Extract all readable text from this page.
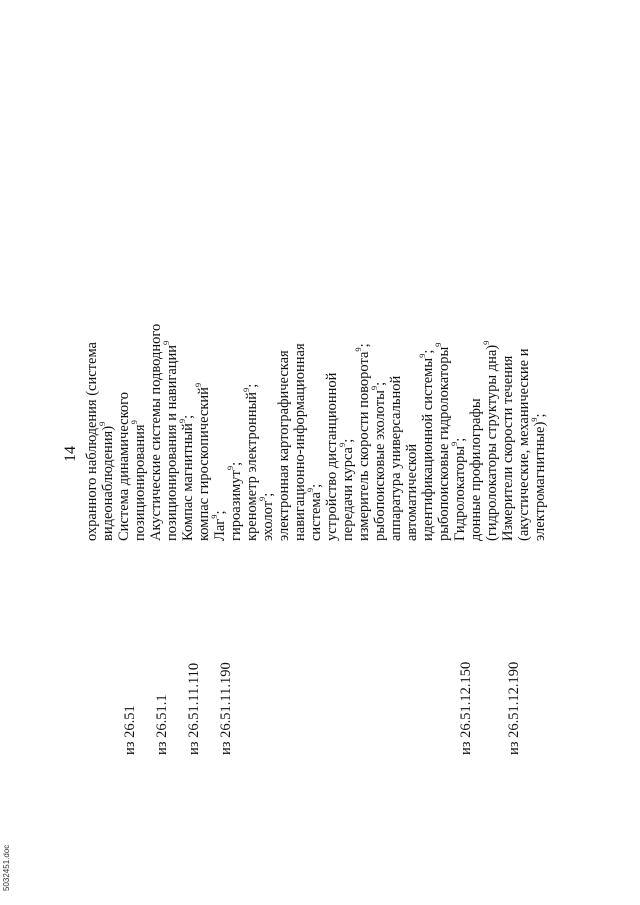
5032451.doc
14 охранного наблюдения (система видеонаблюдения)$^9$
из 26.51
Система динамического позиционирования$^9$
из 26.51.1
Акустические системы подводного позиционирования и навигации$^9$
из 26.51.11.110
Компас магнитный$^9$; компас гироскопический$^9$
из 26.51.11.190
Лаг$^9$; гироазимут$^9$; кренометр электронный$^9$;
эхолот$^9$; электронная картографическая навигационно-информационная система$^9$; устройство дистанционной передачи курса$^9$; измеритель скорости поворота$^9$;
рыбопоисковые эхолоты$^9$; аппаратура универсальной автоматической идентификационной системы$^9$; рыбопоисковые гидролокаторы$^9$
из 26.51.12.150
Гидролокаторы$^9$; донные профилографы (гидролокаторы структуры дна)$^9$
из 26.51.12.190
Измерители скорости течения (акустические, механические и электромагнитные)$^9$;
